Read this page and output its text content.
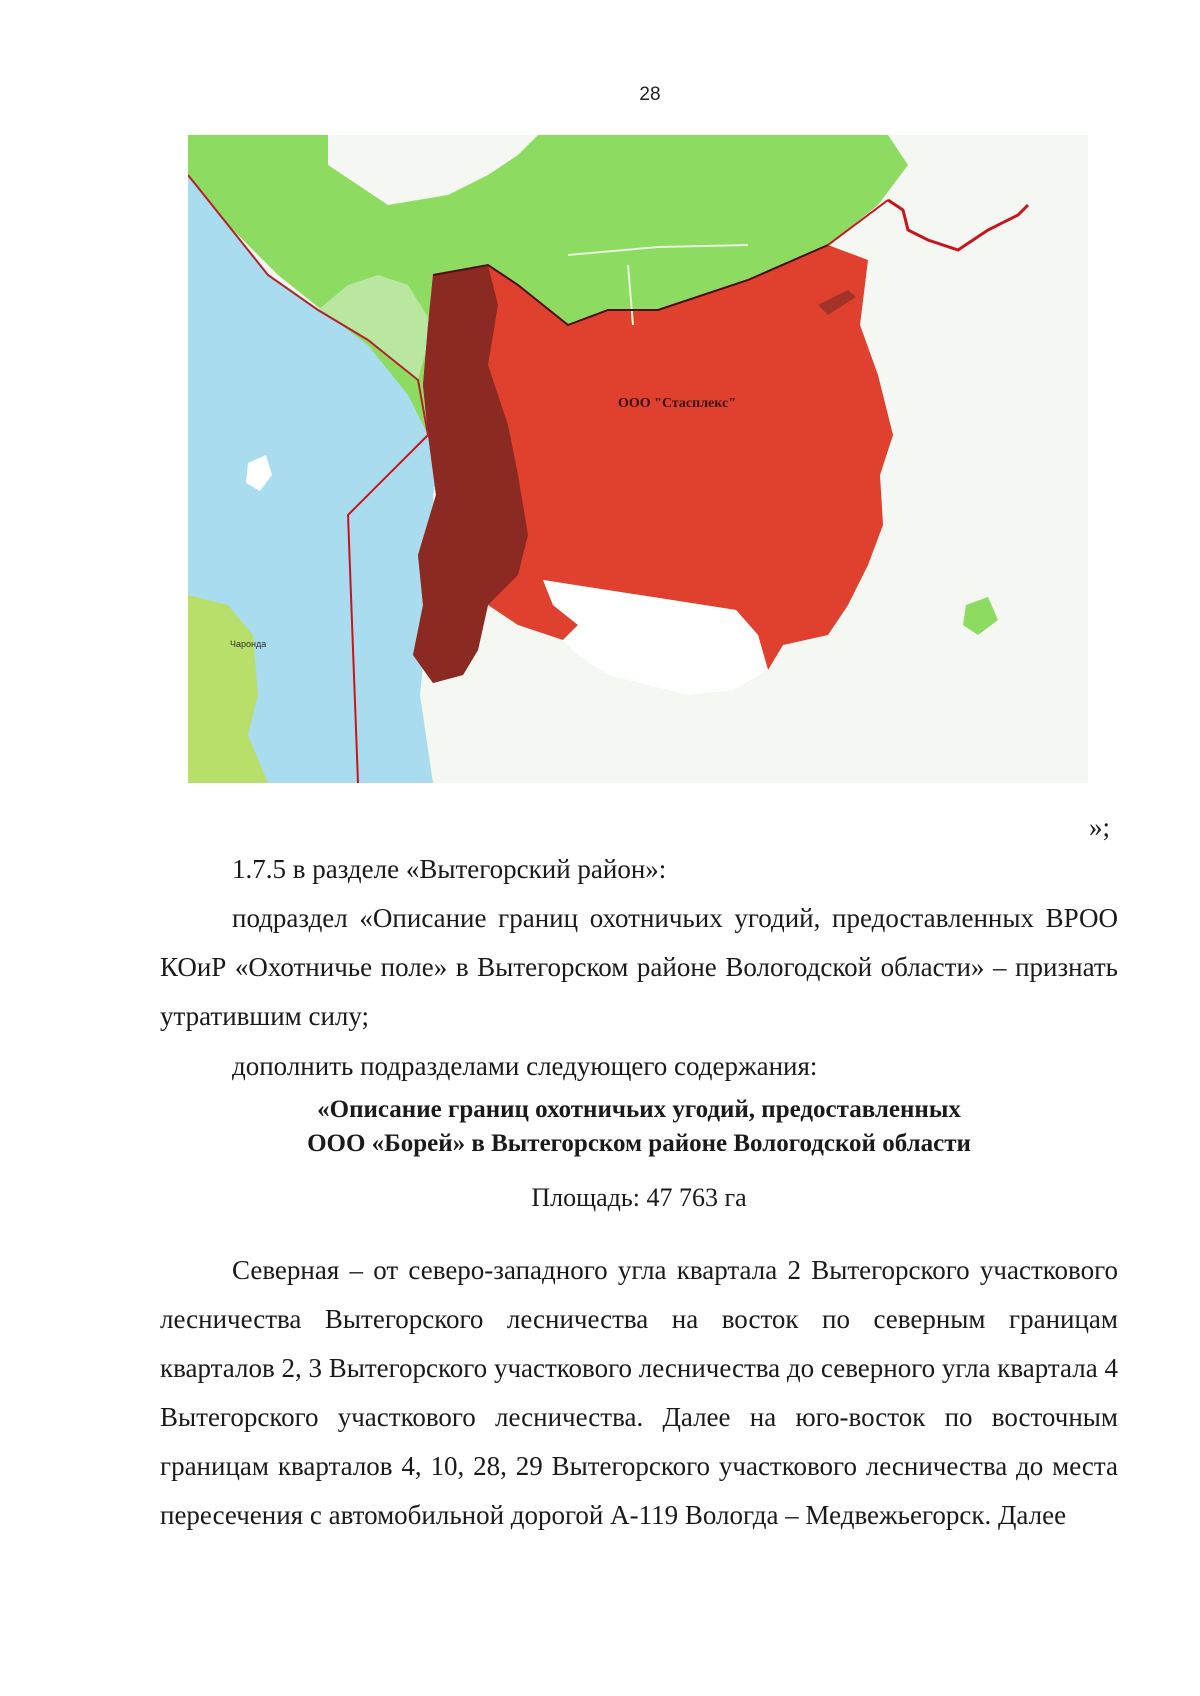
28
ООО "Стасплекс"
Чаронда
»;

1.7.5 в разделе «Вытегорский район»:

подраздел «Описание границ охотничьих угодий, предоставленных ВРОО КОиР «Охотничье поле» в Вытегорском районе Вологодской области» – признать утратившим силу;

дополнить подразделами следующего содержания:

«Описание границ охотничьих угодий, предоставленных

ООО «Борей» в Вытегорском районе Вологодской области

Площадь: 47 763 га

Северная – от северо-западного угла квартала 2 Вытегорского участкового лесничества Вытегорского лесничества на восток по северным границам кварталов 2, 3 Вытегорского участкового лесничества до северного угла квартала 4 Вытегорского участкового лесничества. Далее на юго-восток по восточным границам кварталов 4, 10, 28, 29 Вытегорского участкового лесничества до места пересечения с автомобильной дорогой А-119 Вологда – Медвежьегорск. Далее
